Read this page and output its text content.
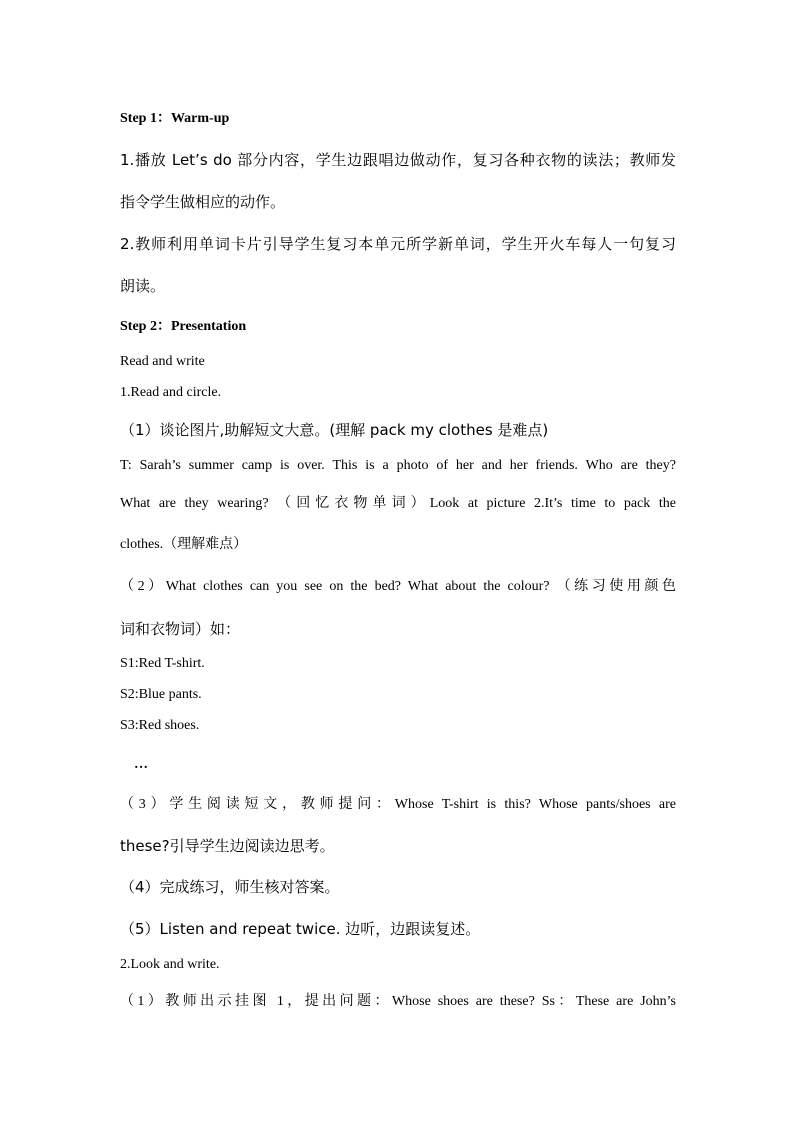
Step 1：Warm-up
1.播放 Let’s do 部分内容，学生边跟唱边做动作，复习各种衣物的读法；教师发
指令学生做相应的动作。
2.教师利用单词卡片引导学生复习本单元所学新单词，学生开火车每人一句复习
朗读。
Step 2：Presentation
Read and write
1.Read and circle.
（1）谈论图片,助解短文大意。(理解 pack my clothes 是难点)
T: Sarah’s summer camp is over. This is a photo of her and her friends. Who are they?
What are they wearing? （回忆衣物单词）Look at picture 2.It’s time to pack the
clothes.（理解难点）
（2）What clothes can you see on the bed? What about the colour? （练习使用颜色
词和衣物词）如：
S1:Red T-shirt.
S2:Blue pants.
S3:Red shoes.
…
（3）学生阅读短文，教师提问：Whose T-shirt is this? Whose pants/shoes are
these?引导学生边阅读边思考。
（4）完成练习，师生核对答案。
（5）Listen and repeat twice. 边听，边跟读复述。
2.Look and write.
（1）教师出示挂图 1，提出问题：Whose shoes are these? Ss：These are John’s
